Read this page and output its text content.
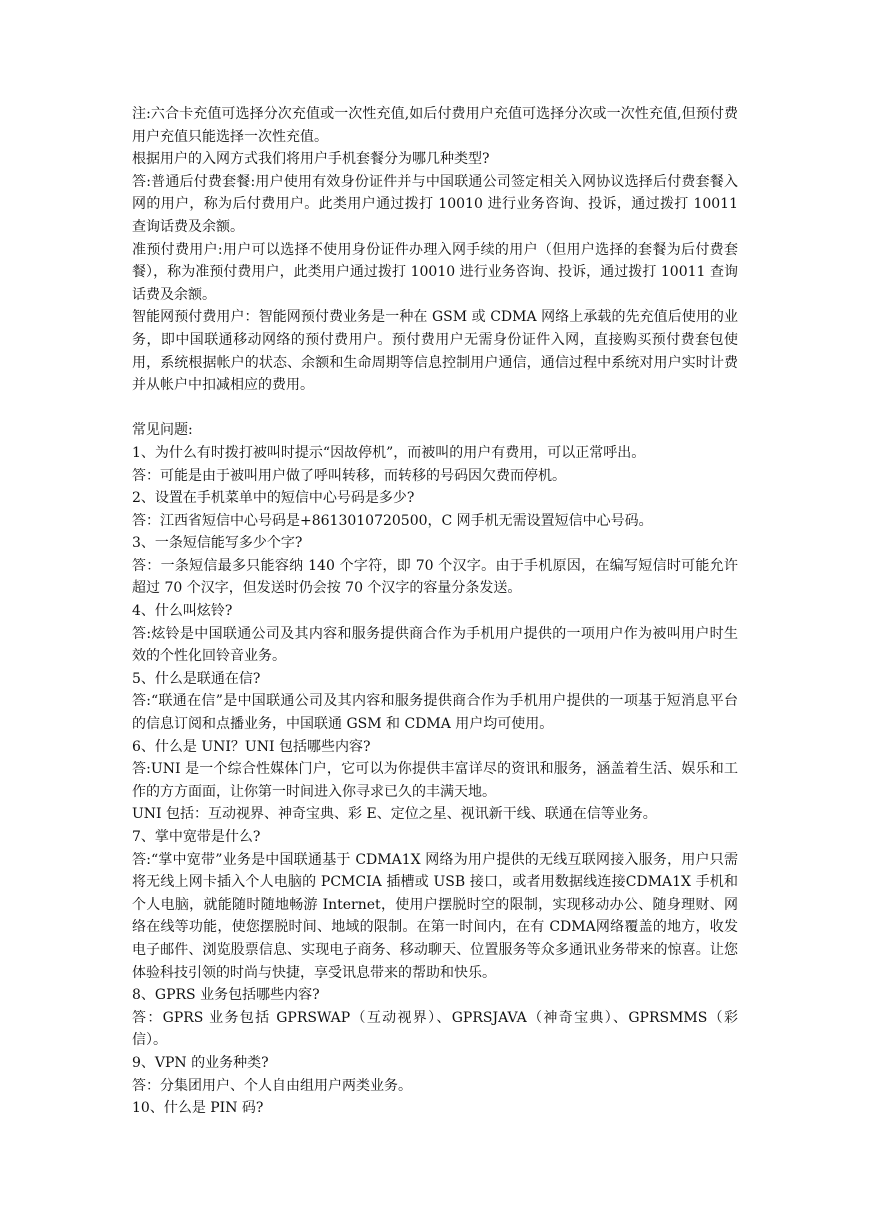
注:六合卡充值可选择分次充值或一次性充值,如后付费用户充值可选择分次或一次性充值,但预付费用户充值只能选择一次性充值。

根据用户的入网方式我们将用户手机套餐分为哪几种类型?

答:普通后付费套餐:用户使用有效身份证件并与中国联通公司签定相关入网协议选择后付费套餐入网的用户，称为后付费用户。此类用户通过拨打 10010 进行业务咨询、投诉，通过拨打 10011 查询话费及余额。

准预付费用户:用户可以选择不使用身份证件办理入网手续的用户（但用户选择的套餐为后付费套餐），称为准预付费用户，此类用户通过拨打 10010 进行业务咨询、投诉，通过拨打 10011 查询话费及余额。

智能网预付费用户：智能网预付费业务是一种在 GSM 或 CDMA 网络上承载的先充值后使用的业务，即中国联通移动网络的预付费用户。预付费用户无需身份证件入网，直接购买预付费套包使用，系统根据帐户的状态、余额和生命周期等信息控制用户通信，通信过程中系统对用户实时计费并从帐户中扣减相应的费用。

常见问题:

1、为什么有时拨打被叫时提示“因故停机”，而被叫的用户有费用，可以正常呼出。

答：可能是由于被叫用户做了呼叫转移，而转移的号码因欠费而停机。

2、设置在手机菜单中的短信中心号码是多少?

答：江西省短信中心号码是+8613010720500，C 网手机无需设置短信中心号码。

3、一条短信能写多少个字?

答：一条短信最多只能容纳 140 个字符，即 70 个汉字。由于手机原因，在编写短信时可能允许超过 70 个汉字，但发送时仍会按 70 个汉字的容量分条发送。

4、什么叫炫铃?

答:炫铃是中国联通公司及其内容和服务提供商合作为手机用户提供的一项用户作为被叫用户时生效的个性化回铃音业务。

5、什么是联通在信?

答:“联通在信”是中国联通公司及其内容和服务提供商合作为手机用户提供的一项基于短消息平台的信息订阅和点播业务，中国联通 GSM 和 CDMA 用户均可使用。

6、什么是 UNI？UNI 包括哪些内容?

答:UNI 是一个综合性媒体门户，它可以为你提供丰富详尽的资讯和服务，涵盖着生活、娱乐和工作的方方面面，让你第一时间进入你寻求已久的丰满天地。

UNI 包括：互动视界、神奇宝典、彩 E、定位之星、视讯新干线、联通在信等业务。

7、掌中宽带是什么?

答:“掌中宽带”业务是中国联通基于 CDMA1X 网络为用户提供的无线互联网接入服务，用户只需将无线上网卡插入个人电脑的 PCMCIA 插槽或 USB 接口，或者用数据线连接CDMA1X 手机和个人电脑，就能随时随地畅游 Internet，使用户摆脱时空的限制，实现移动办公、随身理财、网络在线等功能，使您摆脱时间、地域的限制。在第一时间内，在有 CDMA网络覆盖的地方，收发电子邮件、浏览股票信息、实现电子商务、移动聊天、位置服务等众多通讯业务带来的惊喜。让您体验科技引领的时尚与快捷，享受讯息带来的帮助和快乐。

8、GPRS 业务包括哪些内容?

答：GPRS 业务包括 GPRSWAP（互动视界）、GPRSJAVA（神奇宝典）、GPRSMMS（彩信）。

9、VPN 的业务种类?

答：分集团用户、个人自由组用户两类业务。

10、什么是 PIN 码?
